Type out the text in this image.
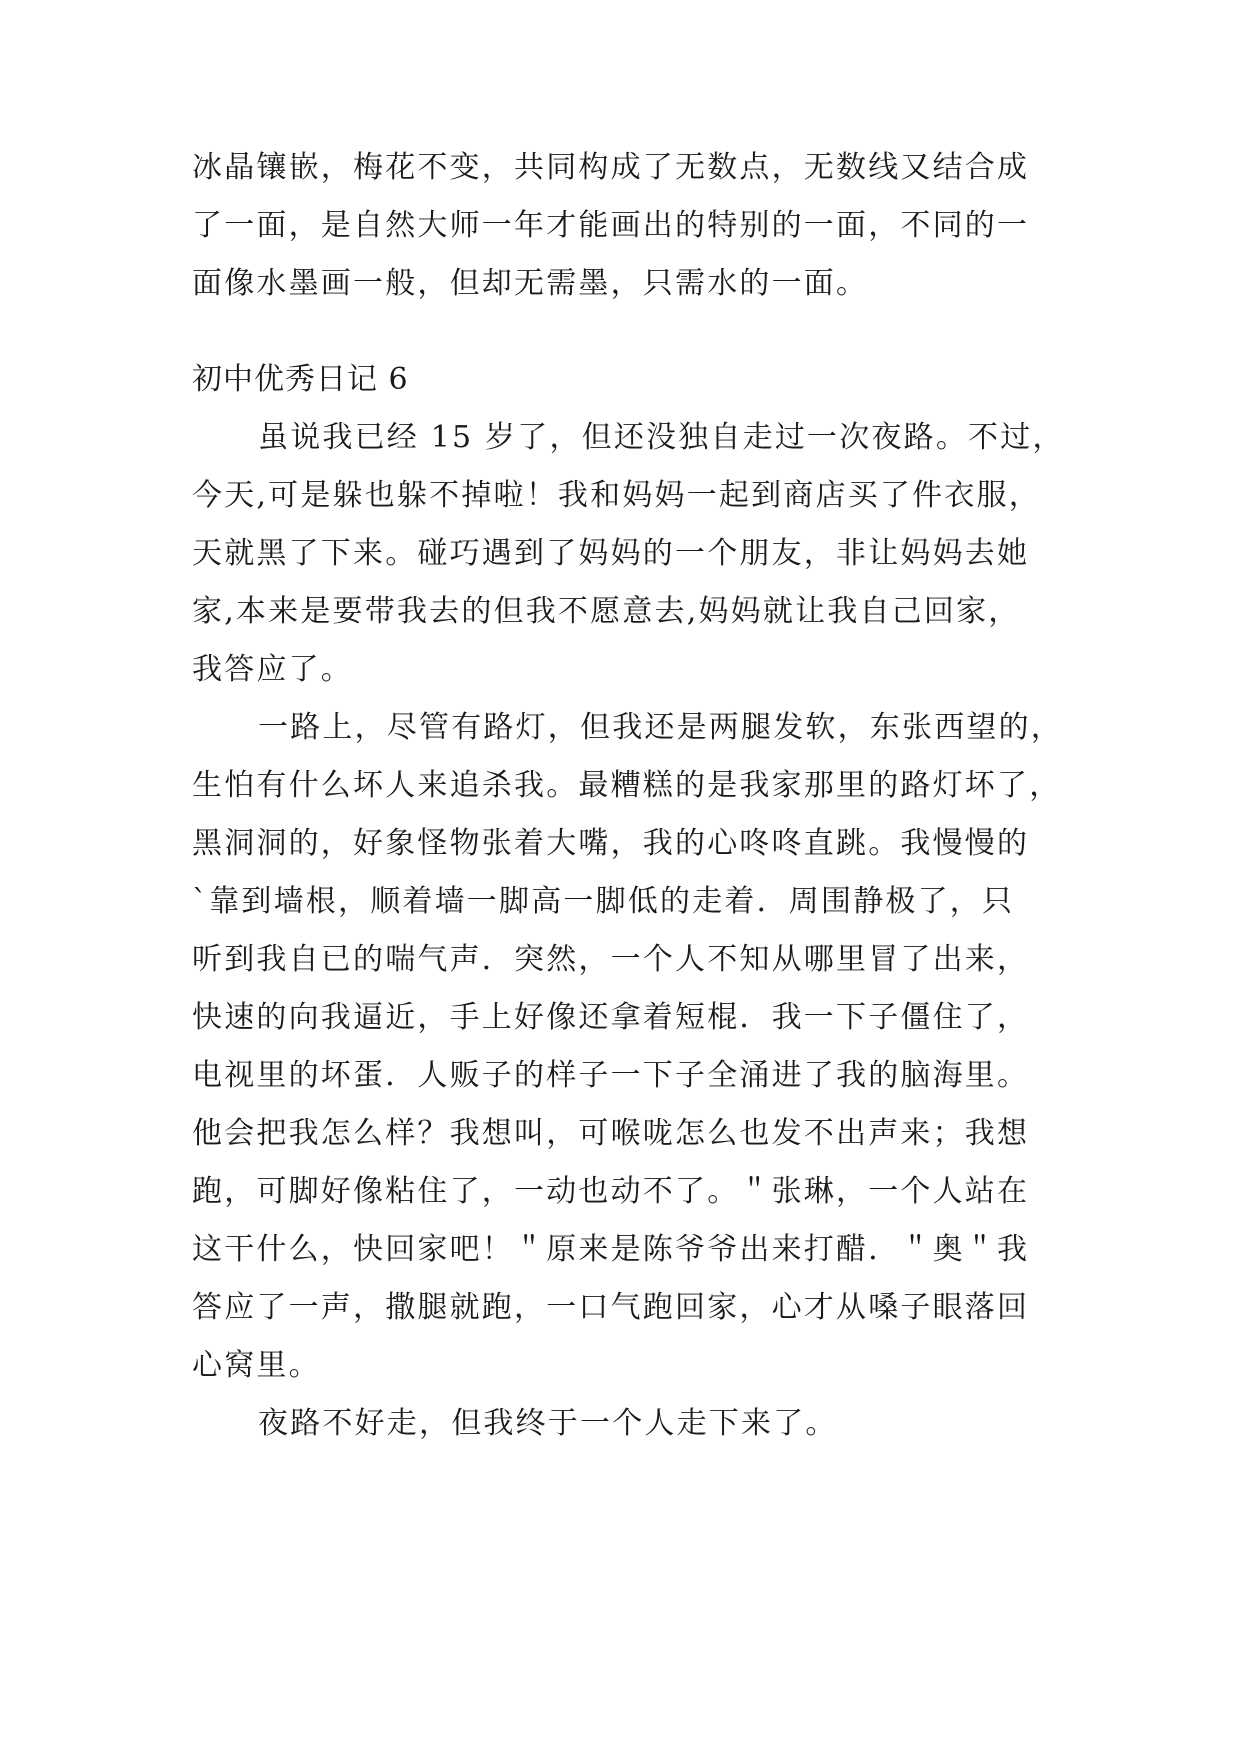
冰晶镶嵌，梅花不变，共同构成了无数点，无数线又结合成
了一面，是自然大师一年才能画出的特别的一面，不同的一
面像水墨画一般，但却无需墨，只需水的一面。
初中优秀日记 6
虽说我已经 15 岁了，但还没独自走过一次夜路。不过，
今天,可是躲也躲不掉啦！我和妈妈一起到商店买了件衣服，
天就黑了下来。碰巧遇到了妈妈的一个朋友，非让妈妈去她
家,本来是要带我去的但我不愿意去,妈妈就让我自己回家，
我答应了。
一路上，尽管有路灯，但我还是两腿发软，东张西望的，
生怕有什么坏人来追杀我。最糟糕的是我家那里的路灯坏了，
黑洞洞的，好象怪物张着大嘴，我的心咚咚直跳。我慢慢的
`靠到墙根，顺着墙一脚高一脚低的走着．周围静极了，只
听到我自已的喘气声．突然，一个人不知从哪里冒了出来，
快速的向我逼近，手上好像还拿着短棍．我一下子僵住了，
电视里的坏蛋．人贩子的样子一下子全涌进了我的脑海里。
他会把我怎么样？我想叫，可喉咙怎么也发不出声来；我想
跑，可脚好像粘住了，一动也动不了。＂张琳，一个人站在
这干什么，快回家吧！＂原来是陈爷爷出来打醋．＂奥＂我
答应了一声，撒腿就跑，一口气跑回家，心才从嗓子眼落回
心窝里。
夜路不好走，但我终于一个人走下来了。
